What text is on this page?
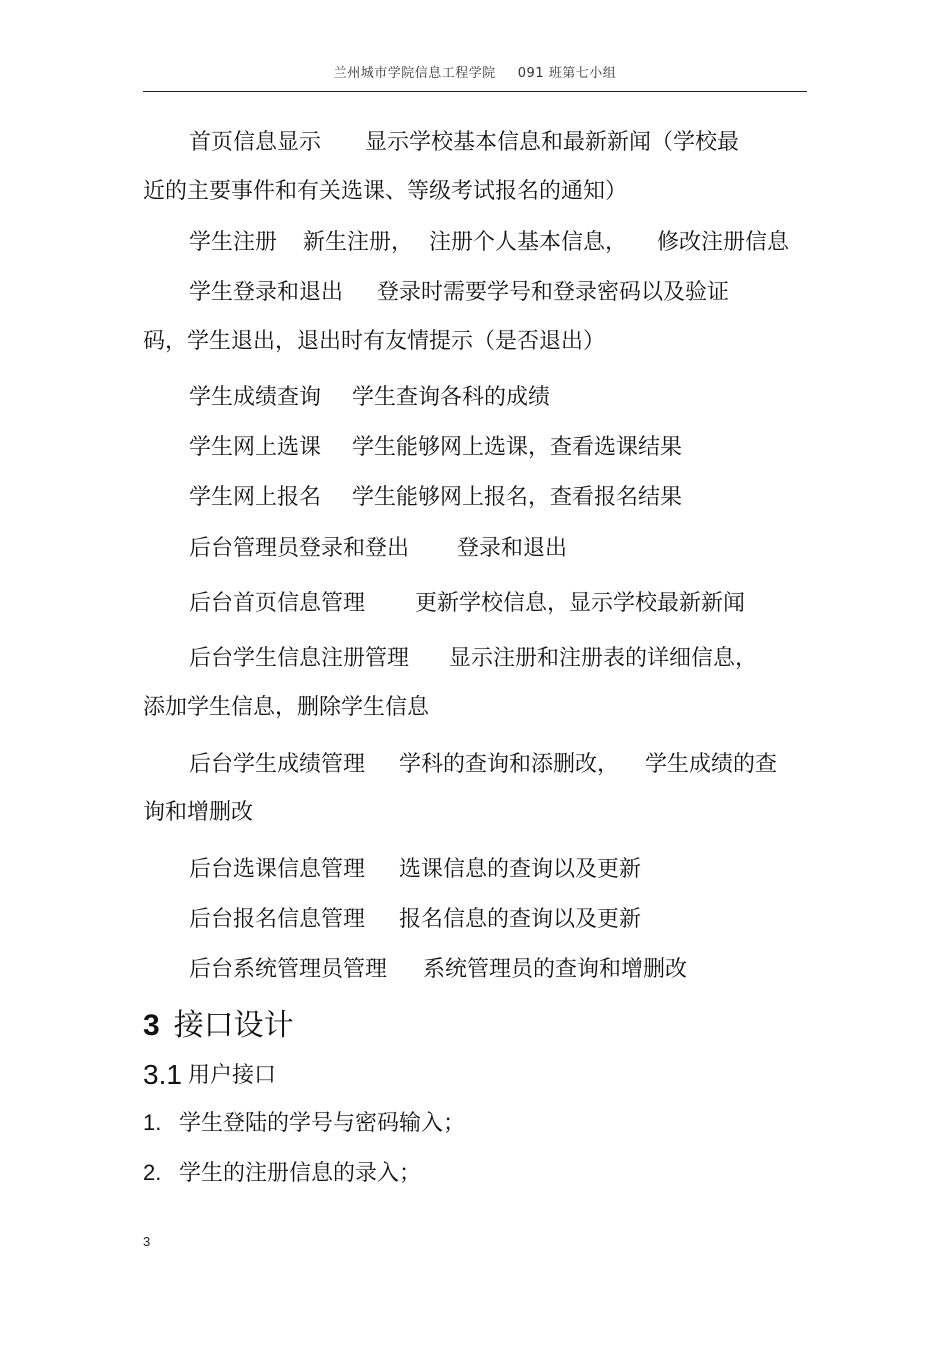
兰州城市学院信息工程学院 091 班第七小组
首页信息显示 显示学校基本信息和最新新闻（学校最
近的主要事件和有关选课、等级考试报名的通知）
学生注册 新生注册， 注册个人基本信息， 修改注册信息
学生登录和退出 登录时需要学号和登录密码以及验证
码，学生退出，退出时有友情提示（是否退出）
学生成绩查询 学生查询各科的成绩
学生网上选课 学生能够网上选课，查看选课结果
学生网上报名 学生能够网上报名，查看报名结果
后台管理员登录和登出 登录和退出
后台首页信息管理 更新学校信息，显示学校最新新闻
后台学生信息注册管理 显示注册和注册表的详细信息，
添加学生信息，删除学生信息
后台学生成绩管理 学科的查询和添删改， 学生成绩的查
询和增删改
后台选课信息管理 选课信息的查询以及更新
后台报名信息管理 报名信息的查询以及更新
后台系统管理员管理 系统管理员的查询和增删改
3 接口设计
3.1 用户接口
1. 学生登陆的学号与密码输入；
2. 学生的注册信息的录入；
3
